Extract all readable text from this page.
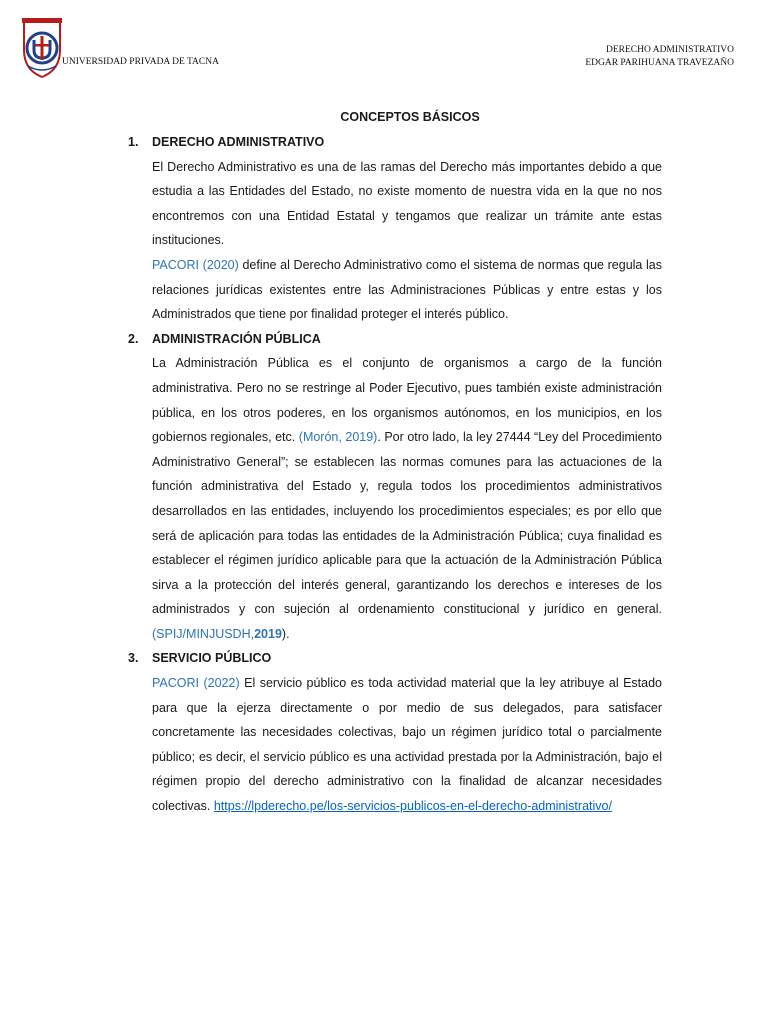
UNIVERSIDAD PRIVADA DE TACNA
DERECHO ADMINISTRATIVO
EDGAR PARIHUANA TRAVEZAÑO
CONCEPTOS BÁSICOS
1.	DERECHO ADMINISTRATIVO

El Derecho Administrativo es una de las ramas del Derecho más importantes debido a que estudia a las Entidades del Estado, no existe momento de nuestra vida en la que no nos encontremos con una Entidad Estatal y tengamos que realizar un trámite ante estas instituciones.

PACORI (2020) define al Derecho Administrativo como el sistema de normas que regula las relaciones jurídicas existentes entre las Administraciones Públicas y entre estas y los Administrados que tiene por finalidad proteger el interés público.

2.	ADMINISTRACIÓN PÚBLICA

La Administración Pública es el conjunto de organismos a cargo de la función administrativa. Pero no se restringe al Poder Ejecutivo, pues también existe administración pública, en los otros poderes, en los organismos autónomos, en los municipios, en los gobiernos regionales, etc. (Morón, 2019). Por otro lado, la ley 27444 “Ley del Procedimiento Administrativo General”; se establecen las normas comunes para las actuaciones de la función administrativa del Estado y, regula todos los procedimientos administrativos desarrollados en las entidades, incluyendo los procedimientos especiales; es por ello que será de aplicación para todas las entidades de la Administración Pública; cuya finalidad es establecer el régimen jurídico aplicable para que la actuación de la Administración Pública sirva a la protección del interés general, garantizando los derechos e intereses de los administrados y con sujeción al ordenamiento constitucional y jurídico en general. (SPIJ/MINJUSDH,2019).

3.	SERVICIO PÚBLICO

PACORI (2022) El servicio público es toda actividad material que la ley atribuye al Estado para que la ejerza directamente o por medio de sus delegados, para satisfacer concretamente las necesidades colectivas, bajo un régimen jurídico total o parcialmente público; es decir, el servicio público es una actividad prestada por la Administración, bajo el régimen propio del derecho administrativo con la finalidad de alcanzar necesidades colectivas. https://lpderecho.pe/los-servicios-publicos-en-el-derecho-administrativo/
